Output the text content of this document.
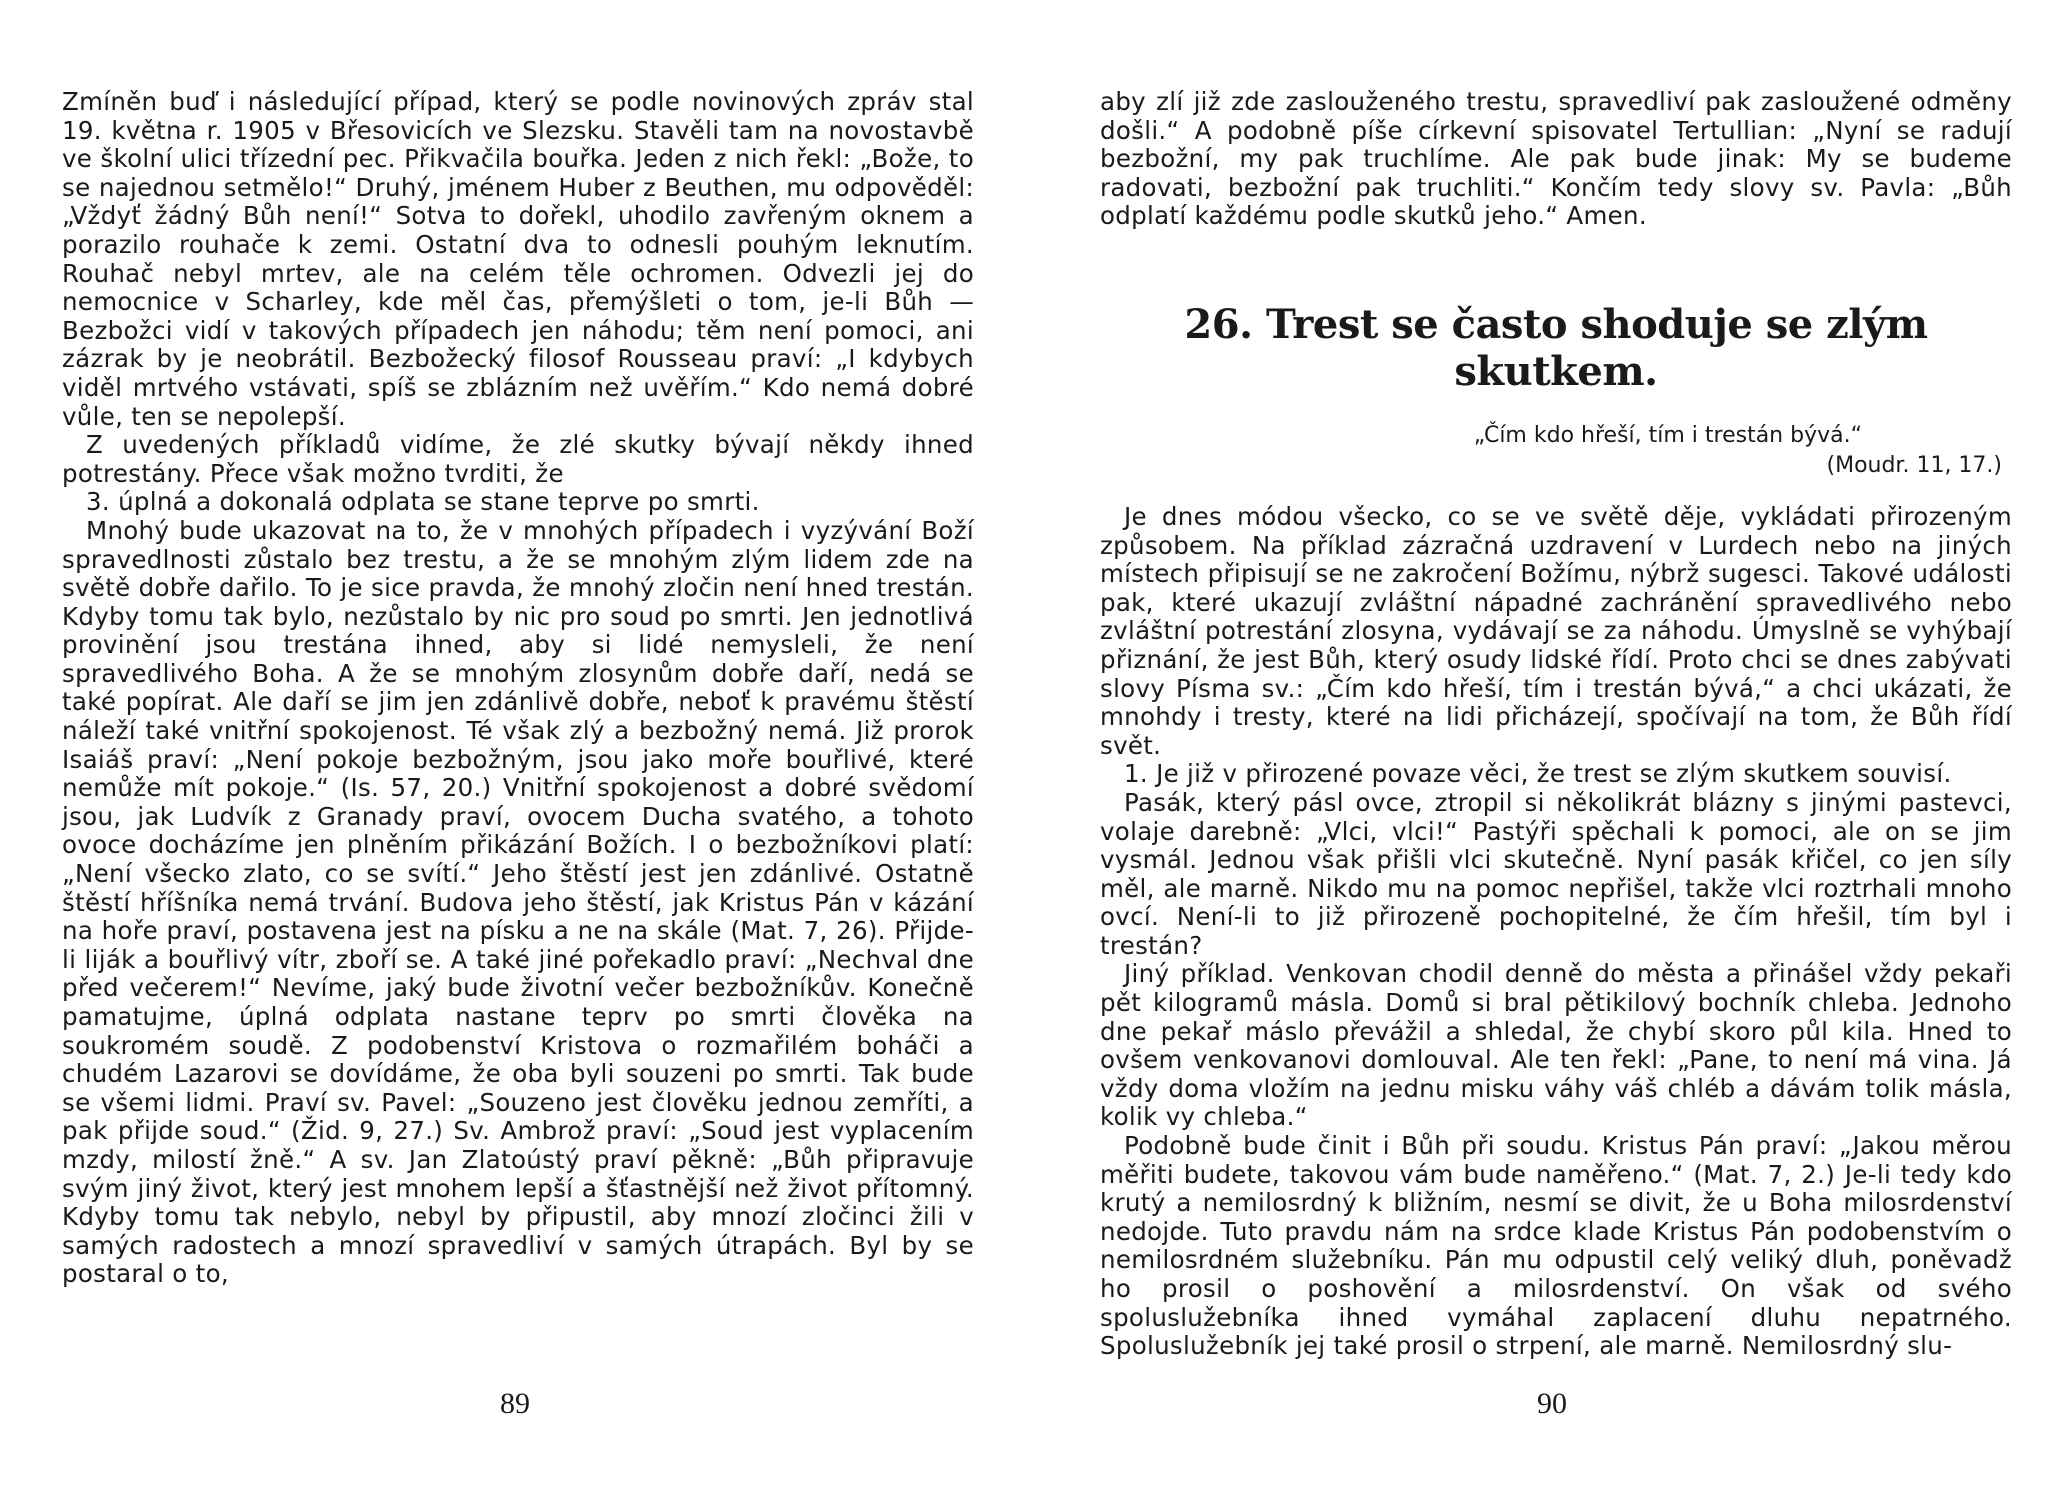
Zmíněn buď i následující případ, který se podle novinových zpráv stal 19. května r. 1905 v Břesovicích ve Slezsku. Stavěli tam na novostavbě ve školní ulici třízední pec. Přikvačila bouřka. Jeden z nich řekl: „Bože, to se najednou setmělo!“ Druhý, jménem Huber z Beuthen, mu odpověděl: „Vždyť žádný Bůh není!“ Sotva to dořekl, uhodilo zavřeným oknem a porazilo rouhače k zemi. Ostatní dva to odnesli pouhým leknutím. Rouhač nebyl mrtev, ale na celém těle ochromen. Odvezli jej do nemocnice v Scharley, kde měl čas, přemýšleti o tom, je-li Bůh — Bezbožci vidí v takových případech jen náhodu; těm není pomoci, ani zázrak by je neobrátil. Bezbožecký filosof Rousseau praví: „I kdybych viděl mrtvého vstávati, spíš se zblázním než uvěřím.“ Kdo nemá dobré vůle, ten se nepolepší.

Z uvedených příkladů vidíme, že zlé skutky bývají někdy ihned potrestány. Přece však možno tvrditi, že

3. úplná a dokonalá odplata se stane teprve po smrti.

Mnohý bude ukazovat na to, že v mnohých případech i vyzývání Boží spravedlnosti zůstalo bez trestu, a že se mnohým zlým lidem zde na světě dobře dařilo. To je sice pravda, že mnohý zločin není hned trestán. Kdyby tomu tak bylo, nezůstalo by nic pro soud po smrti. Jen jednotlivá provinění jsou trestána ihned, aby si lidé nemysleli, že není spravedlivého Boha. A že se mnohým zlosynům dobře daří, nedá se také popírat. Ale daří se jim jen zdánlivě dobře, neboť k pravému štěstí náleží také vnitřní spokojenost. Té však zlý a bezbožný nemá. Již prorok Isaiáš praví: „Není pokoje bezbožným, jsou jako moře bouřlivé, které nemůže mít pokoje.“ (Is. 57, 20.) Vnitřní spokojenost a dobré svědomí jsou, jak Ludvík z Granady praví, ovocem Ducha svatého, a tohoto ovoce docházíme jen plněním přikázání Božích. I o bezbožníkovi platí: „Není všecko zlato, co se svítí.“ Jeho štěstí jest jen zdánlivé. Ostatně štěstí hříšníka nemá trvání. Budova jeho štěstí, jak Kristus Pán v kázání na hoře praví, postavena jest na písku a ne na skále (Mat. 7, 26). Přijde-li liják a bouřlivý vítr, zboří se. A také jiné pořekadlo praví: „Nechval dne před večerem!“ Nevíme, jaký bude životní večer bezbožníkův. Konečně pamatujme, úplná odplata nastane teprv po smrti člověka na soukromém soudě. Z podobenství Kristova o rozmařilém boháči a chudém Lazarovi se dovídáme, že oba byli souzeni po smrti. Tak bude se všemi lidmi. Praví sv. Pavel: „Souzeno jest člověku jednou zemříti, a pak přijde soud.“ (Žid. 9, 27.) Sv. Ambrož praví: „Soud jest vyplacením mzdy, milostí žně.“ A sv. Jan Zlatoústý praví pěkně: „Bůh připravuje svým jiný život, který jest mnohem lepší a šťastnější než život přítomný. Kdyby tomu tak nebylo, nebyl by připustil, aby mnozí zločinci žili v samých radostech a mnozí spravedliví v samých útrapách. Byl by se postaral o to,

89

aby zlí již zde zaslouženého trestu, spravedliví pak zasloužené odměny došli.“ A podobně píše církevní spisovatel Tertullian: „Nyní se radují bezbožní, my pak truchlíme. Ale pak bude jinak: My se budeme radovati, bezbožní pak truchliti.“ Končím tedy slovy sv. Pavla: „Bůh odplatí každému podle skutků jeho.“ Amen.

26. Trest se často shoduje se zlým skutkem.
„Čím kdo hřeší, tím i trestán bývá.“
(Moudr. 11, 17.)

Je dnes módou všecko, co se ve světě děje, vykládati přirozeným způsobem. Na příklad zázračná uzdravení v Lurdech nebo na jiných místech připisují se ne zakročení Božímu, nýbrž sugesci. Takové události pak, které ukazují zvláštní nápadné zachránění spravedlivého nebo zvláštní potrestání zlosyna, vydávají se za náhodu. Úmyslně se vyhýbají přiznání, že jest Bůh, který osudy lidské řídí. Proto chci se dnes zabývati slovy Písma sv.: „Čím kdo hřeší, tím i trestán bývá,“ a chci ukázati, že mnohdy i tresty, které na lidi přicházejí, spočívají na tom, že Bůh řídí svět.

1. Je již v přirozené povaze věci, že trest se zlým skutkem souvisí.

Pasák, který pásl ovce, ztropil si několikrát blázny s jinými pastevci, volaje darebně: „Vlci, vlci!“ Pastýři spěchali k pomoci, ale on se jim vysmál. Jednou však přišli vlci skutečně. Nyní pasák křičel, co jen síly měl, ale marně. Nikdo mu na pomoc nepřišel, takže vlci roztrhali mnoho ovcí. Není-li to již přirozeně pochopitelné, že čím hřešil, tím byl i trestán?

Jiný příklad. Venkovan chodil denně do města a přinášel vždy pekaři pět kilogramů másla. Domů si bral pětikilový bochník chleba. Jednoho dne pekař máslo převážil a shledal, že chybí skoro půl kila. Hned to ovšem venkovanovi domlouval. Ale ten řekl: „Pane, to není má vina. Já vždy doma vložím na jednu misku váhy váš chléb a dávám tolik másla, kolik vy chleba.“

Podobně bude činit i Bůh při soudu. Kristus Pán praví: „Jakou měrou měřiti budete, takovou vám bude naměřeno.“ (Mat. 7, 2.) Je-li tedy kdo krutý a nemilosrdný k bližním, nesmí se divit, že u Boha milosrdenství nedojde. Tuto pravdu nám na srdce klade Kristus Pán podobenstvím o nemilosrdném služebníku. Pán mu odpustil celý veliký dluh, poněvadž ho prosil o poshovění a milosrdenství. On však od svého spoluslužebníka ihned vymáhal zaplacení dluhu nepatrného. Spoluslužebník jej také prosil o strpení, ale marně. Nemilosrdný slu-

90
